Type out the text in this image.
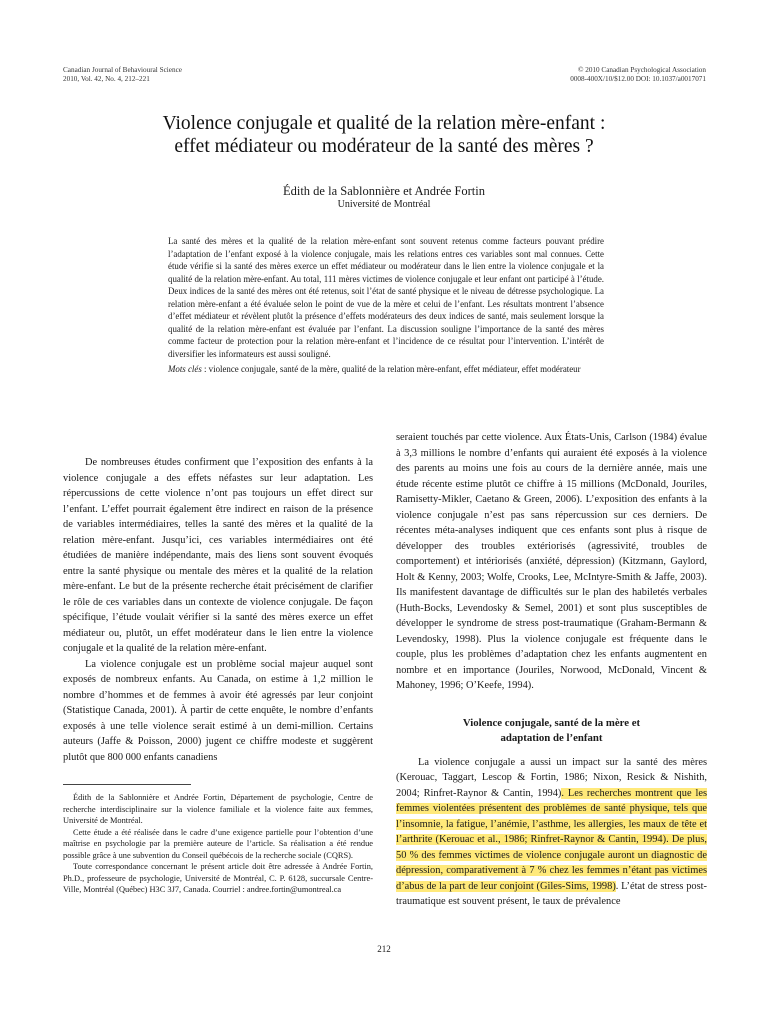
Canadian Journal of Behavioural Science
2010, Vol. 42, No. 4, 212–221
© 2010 Canadian Psychological Association
0008-400X/10/$12.00 DOI: 10.1037/a0017071
Violence conjugale et qualité de la relation mère-enfant :
effet médiateur ou modérateur de la santé des mères ?
Édith de la Sablonnière et Andrée Fortin
Université de Montréal
La santé des mères et la qualité de la relation mère-enfant sont souvent retenus comme facteurs pouvant prédire l’adaptation de l’enfant exposé à la violence conjugale, mais les relations entres ces variables sont mal connues. Cette étude vérifie si la santé des mères exerce un effet médiateur ou modérateur dans le lien entre la violence conjugale et la qualité de la relation mère-enfant. Au total, 111 mères victimes de violence conjugale et leur enfant ont participé à l’étude. Deux indices de la santé des mères ont été retenus, soit l’état de santé physique et le niveau de détresse psychologique. La relation mère-enfant a été évaluée selon le point de vue de la mère et celui de l’enfant. Les résultats montrent l’absence d’effet médiateur et révèlent plutôt la présence d’effets modérateurs des deux indices de santé, mais seulement lorsque la qualité de la relation mère-enfant est évaluée par l’enfant. La discussion souligne l’importance de la santé des mères comme facteur de protection pour la relation mère-enfant et l’incidence de ce résultat pour l’intervention. L’intérêt de diversifier les informateurs est aussi souligné.
Mots clés : violence conjugale, santé de la mère, qualité de la relation mère-enfant, effet médiateur, effet modérateur

De nombreuses études confirment que l’exposition des enfants à la violence conjugale a des effets néfastes sur leur adaptation. Les répercussions de cette violence n’ont pas toujours un effet direct sur l’enfant. L’effet pourrait également être indirect en raison de la présence de variables intermédiaires, telles la santé des mères et la qualité de la relation mère-enfant. Jusqu’ici, ces variables intermédiaires ont été étudiées de manière indépendante, mais des liens sont souvent évoqués entre la santé physique ou mentale des mères et la qualité de la relation mère-enfant. Le but de la présente recherche était précisément de clarifier le rôle de ces variables dans un contexte de violence conjugale. De façon spécifique, l’étude voulait vérifier si la santé des mères exerce un effet médiateur ou, plutôt, un effet modérateur dans le lien entre la violence conjugale et la qualité de la relation mère-enfant.

La violence conjugale est un problème social majeur auquel sont exposés de nombreux enfants. Au Canada, on estime à 1,2 million le nombre d’hommes et de femmes à avoir été agressés par leur conjoint (Statistique Canada, 2001). À partir de cette enquête, le nombre d’enfants exposés à une telle violence serait estimé à un demi-million. Certains auteurs (Jaffe & Poisson, 2000) jugent ce chiffre modeste et suggèrent plutôt que 800 000 enfants canadiens

Édith de la Sablonnière et Andrée Fortin, Département de psychologie, Centre de recherche interdisciplinaire sur la violence familiale et la violence faite aux femmes, Université de Montréal.

Cette étude a été réalisée dans le cadre d’une exigence partielle pour l’obtention d’une maîtrise en psychologie par la première auteure de l’article. Sa réalisation a été rendue possible grâce à une subvention du Conseil québécois de la recherche sociale (CQRS).

Toute correspondance concernant le présent article doit être adressée à Andrée Fortin, Ph.D., professeure de psychologie, Université de Montréal, C. P. 6128, succursale Centre-Ville, Montréal (Québec) H3C 3J7, Canada. Courriel : andree.fortin@umontreal.ca

seraient touchés par cette violence. Aux États-Unis, Carlson (1984) évalue à 3,3 millions le nombre d’enfants qui auraient été exposés à la violence des parents au moins une fois au cours de la dernière année, mais une étude récente estime plutôt ce chiffre à 15 millions (McDonald, Jouriles, Ramisetty-Mikler, Caetano & Green, 2006). L’exposition des enfants à la violence conjugale n’est pas sans répercussion sur ces derniers. De récentes méta-analyses indiquent que ces enfants sont plus à risque de développer des troubles extériorisés (agressivité, troubles de comportement) et intériorisés (anxiété, dépression) (Kitzmann, Gaylord, Holt & Kenny, 2003; Wolfe, Crooks, Lee, McIntyre-Smith & Jaffe, 2003). Ils manifestent davantage de difficultés sur le plan des habiletés verbales (Huth-Bocks, Levendosky & Semel, 2001) et sont plus susceptibles de développer le syndrome de stress post-traumatique (Graham-Bermann & Levendosky, 1998). Plus la violence conjugale est fréquente dans le couple, plus les problèmes d’adaptation chez les enfants augmentent en nombre et en importance (Jouriles, Norwood, McDonald, Vincent & Mahoney, 1996; O’Keefe, 1994).

Violence conjugale, santé de la mère et
adaptation de l’enfant

La violence conjugale a aussi un impact sur la santé des mères (Kerouac, Taggart, Lescop & Fortin, 1986; Nixon, Resick & Nishith, 2004; Rinfret-Raynor & Cantin, 1994). Les recherches montrent que les femmes violentées présentent des problèmes de santé physique, tels que l’insomnie, la fatigue, l’anémie, l’asthme, les allergies, les maux de tête et l’arthrite (Kerouac et al., 1986; Rinfret-Raynor & Cantin, 1994). De plus, 50 % des femmes victimes de violence conjugale auront un diagnostic de dépression, comparativement à 7 % chez les femmes n’étant pas victimes d’abus de la part de leur conjoint (Giles-Sims, 1998). L’état de stress post-traumatique est souvent présent, le taux de prévalence

212
